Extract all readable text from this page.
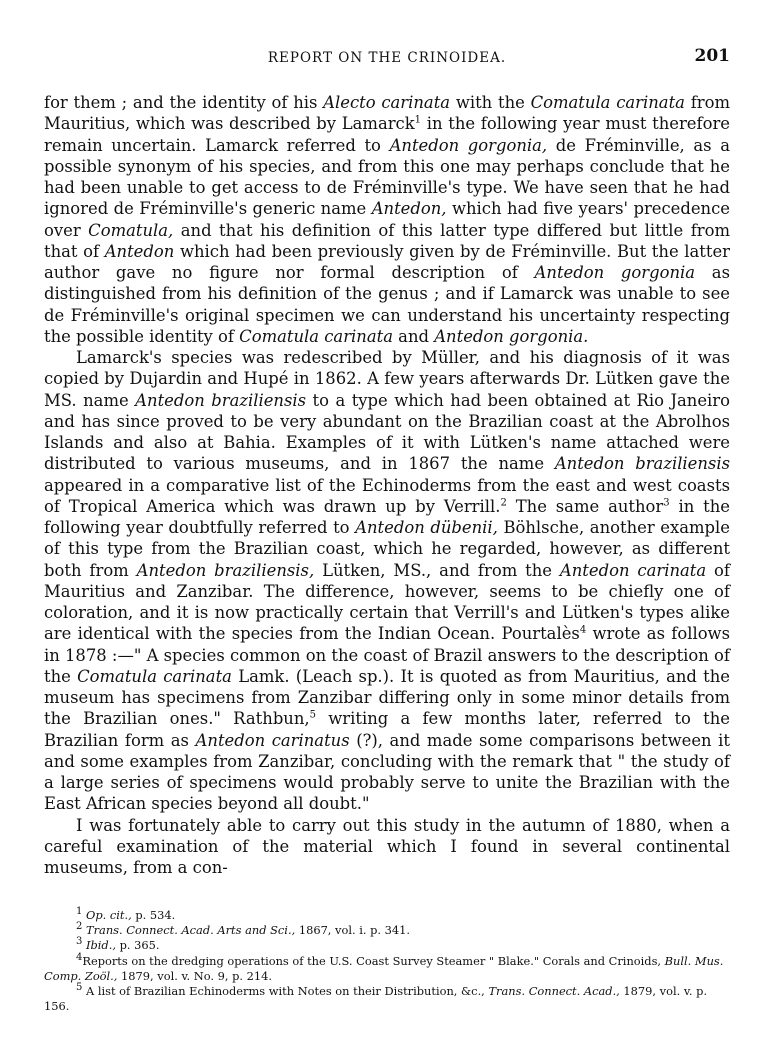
REPORT ON THE CRINOIDEA.	201

for them ; and the identity of his Alecto carinata with the Comatula carinata from Mauritius, which was described by Lamarck$^1$ in the following year must therefore remain uncertain. Lamarck referred to Antedon gorgonia, de Fréminville, as a possible synonym of his species, and from this one may perhaps conclude that he had been unable to get access to de Fréminville's type. We have seen that he had ignored de Fréminville's generic name Antedon, which had five years' precedence over Comatula, and that his definition of this latter type differed but little from that of Antedon which had been previously given by de Fréminville. But the latter author gave no figure nor formal description of Antedon gorgonia as distinguished from his definition of the genus ; and if Lamarck was unable to see de Fréminville's original specimen we can understand his uncertainty respecting the possible identity of Comatula carinata and Antedon gorgonia.

Lamarck's species was redescribed by Müller, and his diagnosis of it was copied by Dujardin and Hupé in 1862. A few years afterwards Dr. Lütken gave the MS. name Antedon braziliensis to a type which had been obtained at Rio Janeiro and has since proved to be very abundant on the Brazilian coast at the Abrolhos Islands and also at Bahia. Examples of it with Lütken's name attached were distributed to various museums, and in 1867 the name Antedon braziliensis appeared in a comparative list of the Echinoderms from the east and west coasts of Tropical America which was drawn up by Verrill.$^2$ The same author$^3$ in the following year doubtfully referred to Antedon dübenii, Böhlsche, another example of this type from the Brazilian coast, which he regarded, however, as different both from Antedon braziliensis, Lütken, MS., and from the Antedon carinata of Mauritius and Zanzibar. The difference, however, seems to be chiefly one of coloration, and it is now practically certain that Verrill's and Lütken's types alike are identical with the species from the Indian Ocean. Pourtalès$^4$ wrote as follows in 1878 :—" A species common on the coast of Brazil answers to the description of the Comatula carinata Lamk. (Leach sp.). It is quoted as from Mauritius, and the museum has specimens from Zanzibar differing only in some minor details from the Brazilian ones." Rathbun,$^5$ writing a few months later, referred to the Brazilian form as Antedon carinatus (?), and made some comparisons between it and some examples from Zanzibar, concluding with the remark that " the study of a large series of specimens would probably serve to unite the Brazilian with the East African species beyond all doubt."

I was fortunately able to carry out this study in the autumn of 1880, when a careful examination of the material which I found in several continental museums, from a con-

$^1$ Op. cit., p. 534.

$^2$ Trans. Connect. Acad. Arts and Sci., 1867, vol. i. p. 341.

$^3$ Ibid., p. 365.

$^4$Reports on the dredging operations of the U.S. Coast Survey Steamer " Blake." Corals and Crinoids, Bull. Mus. Comp. Zoöl., 1879, vol. v. No. 9, p. 214.

$^5$ A list of Brazilian Echinoderms with Notes on their Distribution, &c., Trans. Connect. Acad., 1879, vol. v. p. 156.
